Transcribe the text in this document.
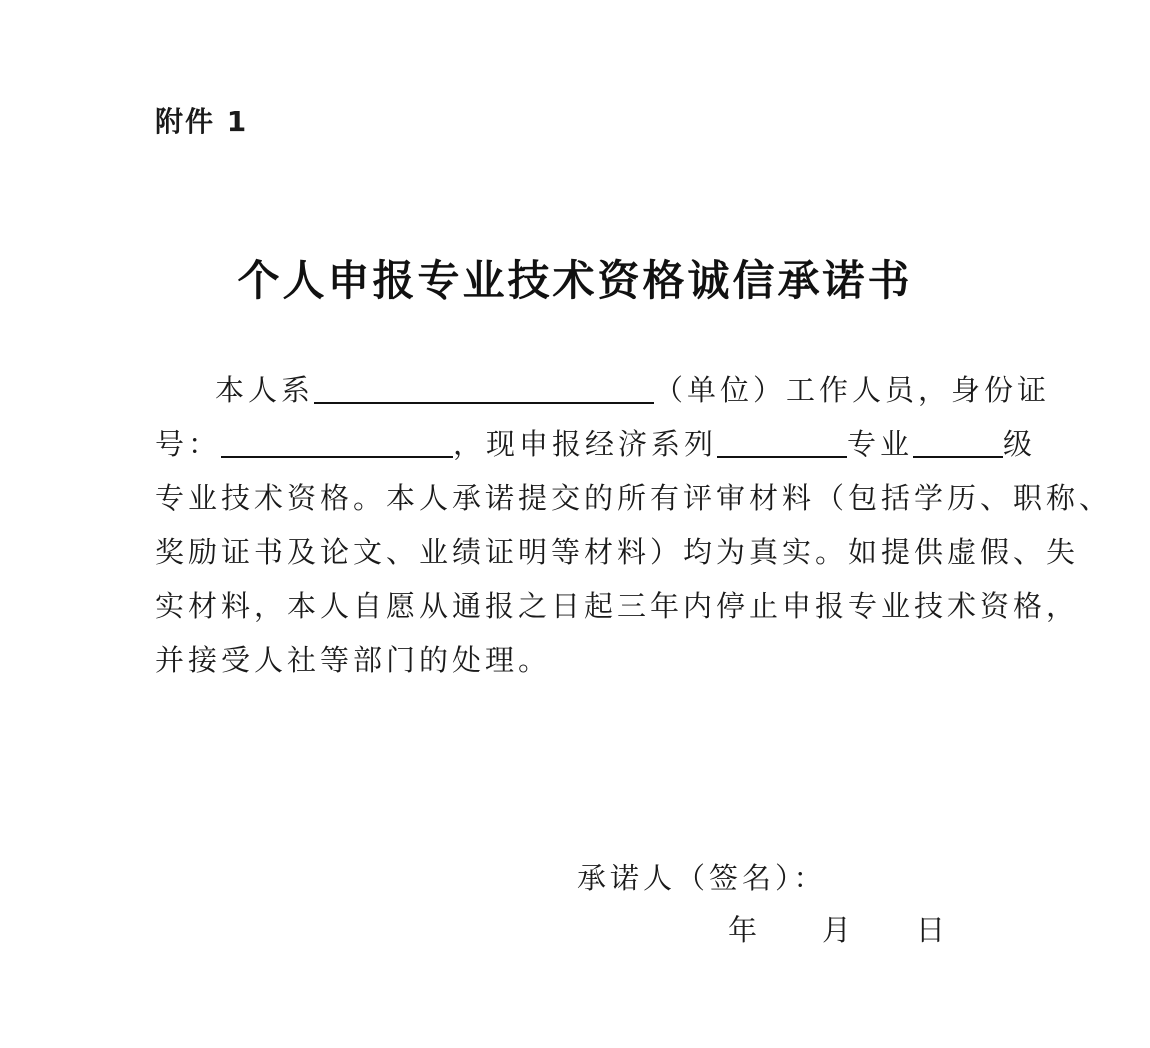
附件 1
个人申报专业技术资格诚信承诺书
本人系	（单位）工作人员，身份证
号：	，现申报经济系列	专业	级
专业技术资格。本人承诺提交的所有评审材料（包括学历、职称、
奖励证书及论文、业绩证明等材料）均为真实。如提供虚假、失
实材料，本人自愿从通报之日起三年内停止申报专业技术资格，
并接受人社等部门的处理。
承诺人（签名）：
年 月 日
